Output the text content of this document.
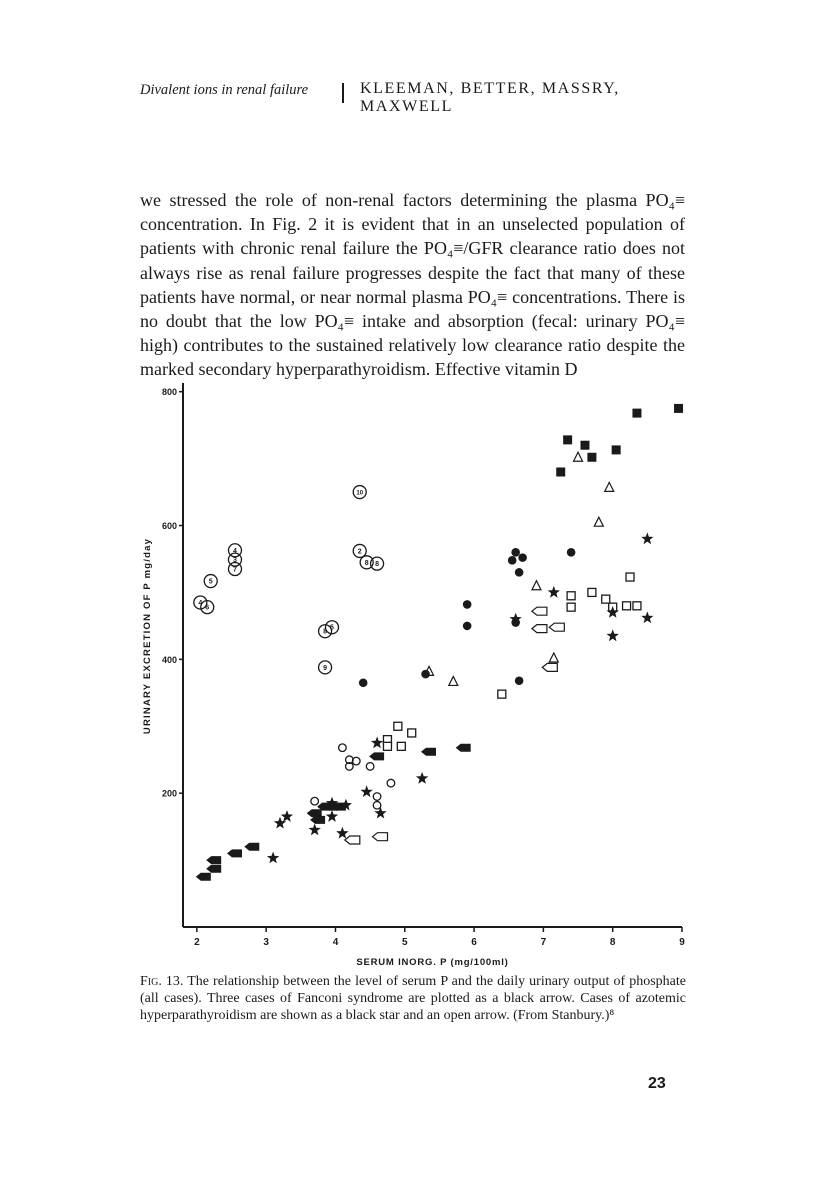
Divalent ions in renal failure	KLEEMAN, BETTER, MASSRY, MAXWELL

we stressed the role of non-renal factors determining the plasma PO₄≡ concentration. In Fig. 2 it is evident that in an unselected population of patients with chronic renal failure the PO₄≡/GFR clearance ratio does not always rise as renal failure progresses despite the fact that many of these patients have normal, or near normal plasma PO₄≡ concentrations. There is no doubt that the low PO₄≡ intake and absorption (fecal: urinary PO₄≡ high) contributes to the sustained relatively low clearance ratio despite the marked secondary hyperparathyroidism. Effective vitamin D

2	3	4	5	6	7	8	9
200
400
600
800
SERUM INORG. P (mg/100ml)
URINARY EXCRETION OF P mg/day	5
4
6
4
3
7
8
5
9
10
2
8 8

Fig. 13. The relationship between the level of serum P and the daily urinary output of phosphate (all cases). Three cases of Fanconi syndrome are plotted as a black arrow. Cases of azotemic hyperparathyroidism are shown as a black star and an open arrow. (From Stanbury.)⁸

23
